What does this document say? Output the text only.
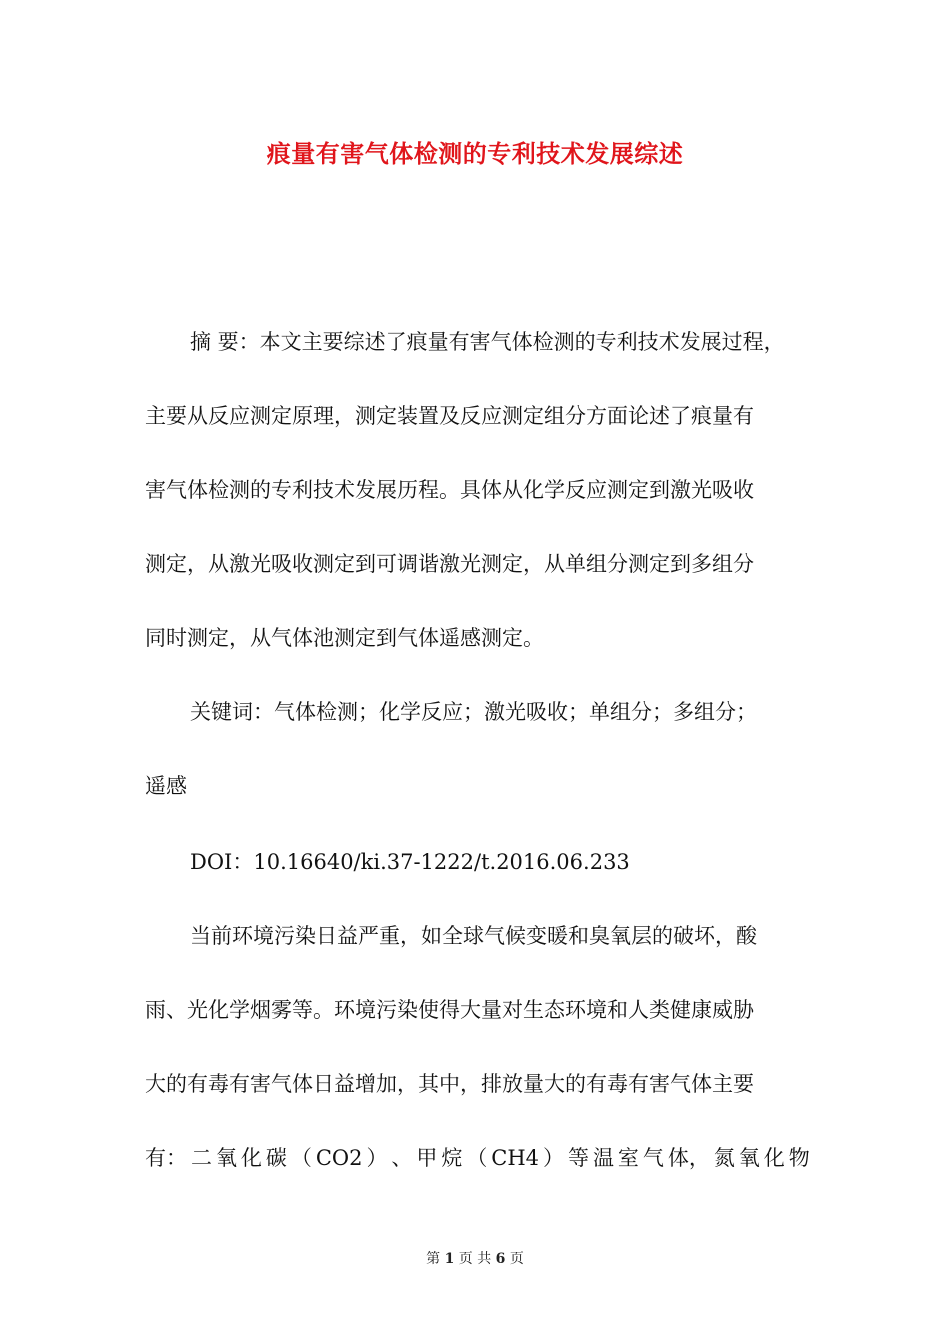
痕量有害气体检测的专利技术发展综述
摘 要：本文主要综述了痕量有害气体检测的专利技术发展过程，
主要从反应测定原理，测定装置及反应测定组分方面论述了痕量有
害气体检测的专利技术发展历程。具体从化学反应测定到激光吸收
测定，从激光吸收测定到可调谐激光测定，从单组分测定到多组分
同时测定，从气体池测定到气体遥感测定。
关键词：气体检测；化学反应；激光吸收；单组分；多组分；
遥感
DOI：10.16640/ki.37-1222/t.2016.06.233
当前环境污染日益严重，如全球气候变暖和臭氧层的破坏，酸
雨、光化学烟雾等。环境污染使得大量对生态环境和人类健康威胁
大的有毒有害气体日益增加，其中，排放量大的有毒有害气体主要
有： 二 氧 化 碳 （ CO2 ） 、 甲 烷 （ CH4 ） 等 温 室 气 体， 氮 氧 化 物
第 1 页 共 6 页
